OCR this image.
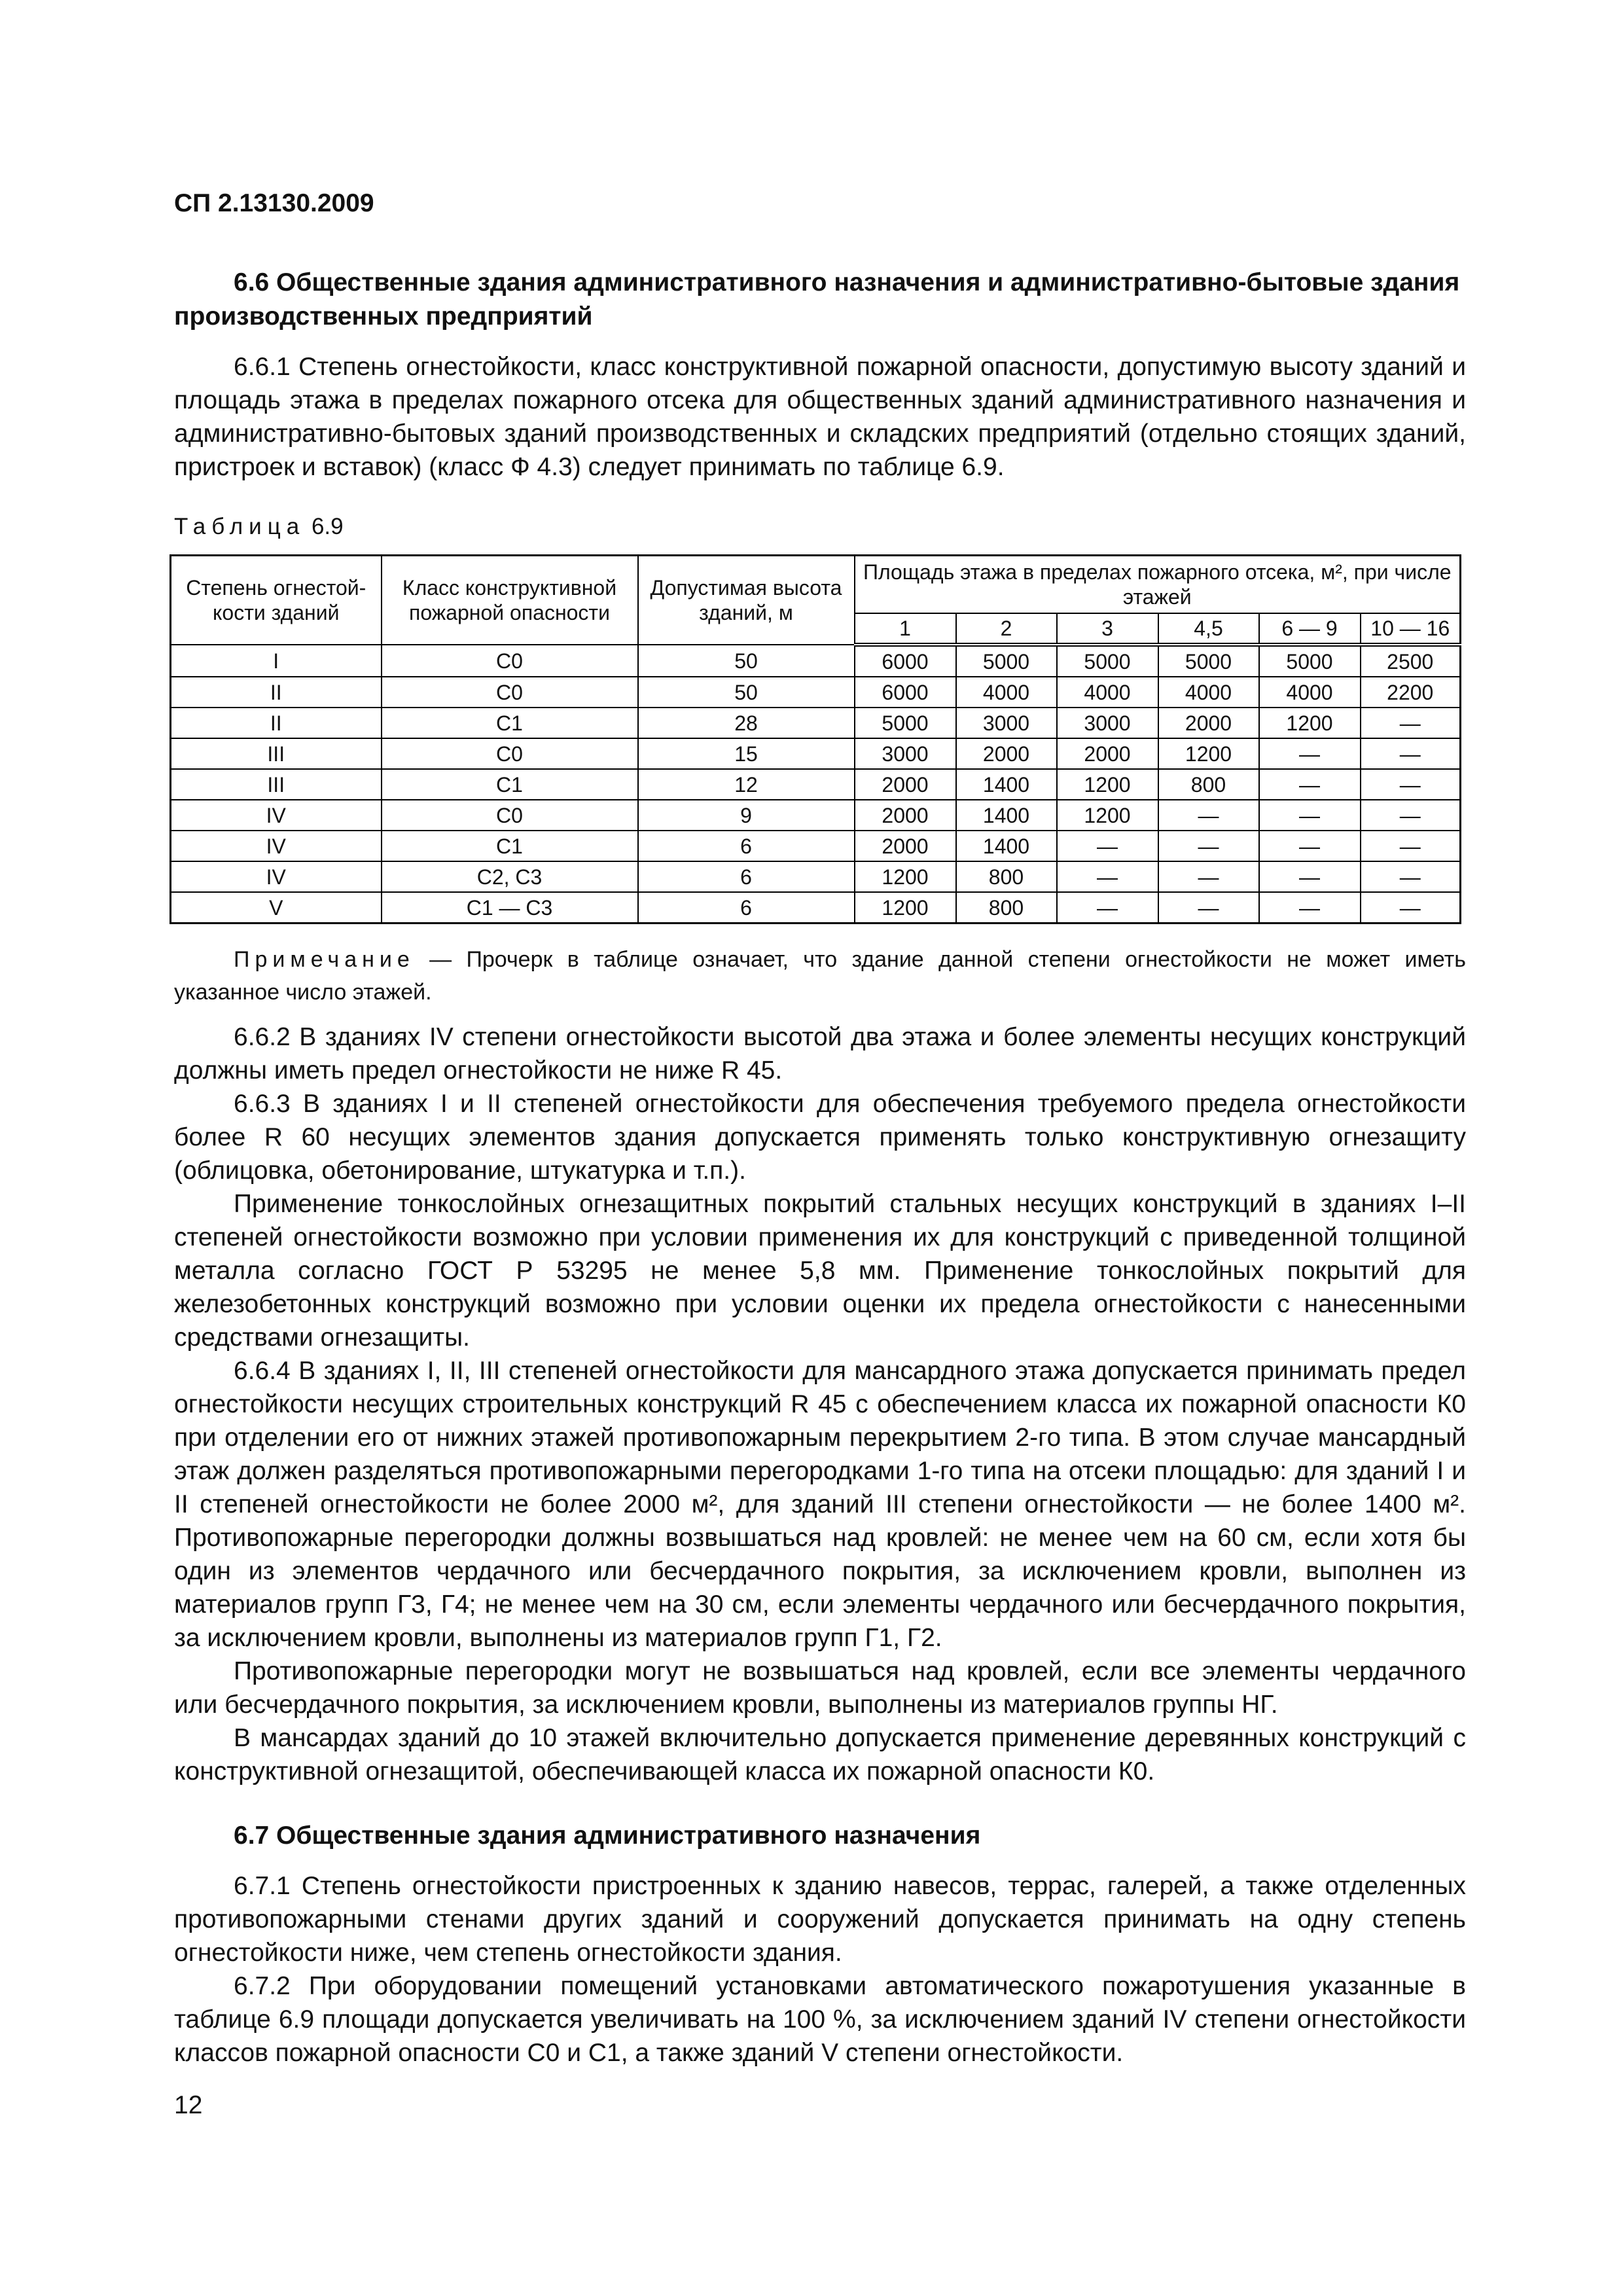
СП 2.13130.2009

6.6 Общественные здания административного назначения и административно-бытовые здания производственных предприятий

6.6.1 Степень огнестойкости, класс конструктивной пожарной опасности, допустимую высоту зданий и площадь этажа в пределах пожарного отсека для общественных зданий административного назначения и административно-бытовых зданий производственных и складских предприятий (отдельно стоящих зданий, пристроек и вставок) (класс Ф 4.3) следует принимать по таблице 6.9.

Таблица 6.9
Степень огнестой-кости зданий	Класс конструктивной пожарной опасности	Допустимая высота зданий, м	Площадь этажа в пределах пожарного отсека, м², при числе этажей					
			1	2	3	4,5	6 — 9	10 — 16
I	С0	50	6000	5000	5000	5000	5000	2500
II	С0	50	6000	4000	4000	4000	4000	2200
II	С1	28	5000	3000	3000	2000	1200	—
III	С0	15	3000	2000	2000	1200	—	—
III	С1	12	2000	1400	1200	800	—	—
IV	С0	9	2000	1400	1200	—	—	—
IV	С1	6	2000	1400	—	—	—	—
IV	С2, С3	6	1200	800	—	—	—	—
V	С1 — С3	6	1200	800	—	—	—	—

Примечание — Прочерк в таблице означает, что здание данной степени огнестойкости не может иметь указанное число этажей.

6.6.2 В зданиях IV степени огнестойкости высотой два этажа и более элементы несущих конструкций должны иметь предел огнестойкости не ниже R 45.

6.6.3 В зданиях I и II степеней огнестойкости для обеспечения требуемого предела огнестойкости более R 60 несущих элементов здания допускается применять только конструктивную огнезащиту (облицовка, обетонирование, штукатурка и т.п.).

Применение тонкослойных огнезащитных покрытий стальных несущих конструкций в зданиях I–II степеней огнестойкости возможно при условии применения их для конструкций с приведенной толщиной металла согласно ГОСТ Р 53295 не менее 5,8 мм. Применение тонкослойных покрытий для железобетонных конструкций возможно при условии оценки их предела огнестойкости с нанесенными средствами огнезащиты.

6.6.4 В зданиях I, II, III степеней огнестойкости для мансардного этажа допускается принимать предел огнестойкости несущих строительных конструкций R 45 с обеспечением класса их пожарной опасности К0 при отделении его от нижних этажей противопожарным перекрытием 2-го типа. В этом случае мансардный этаж должен разделяться противопожарными перегородками 1-го типа на отсеки площадью: для зданий I и II степеней огнестойкости не более 2000 м², для зданий III степени огнестойкости — не более 1400 м². Противопожарные перегородки должны возвышаться над кровлей: не менее чем на 60 см, если хотя бы один из элементов чердачного или бесчердачного покрытия, за исключением кровли, выполнен из материалов групп Г3, Г4; не менее чем на 30 см, если элементы чердачного или бесчердачного покрытия, за исключением кровли, выполнены из материалов групп Г1, Г2.

Противопожарные перегородки могут не возвышаться над кровлей, если все элементы чердачного или бесчердачного покрытия, за исключением кровли, выполнены из материалов группы НГ.

В мансардах зданий до 10 этажей включительно допускается применение деревянных конструкций с конструктивной огнезащитой, обеспечивающей класса их пожарной опасности К0.

6.7 Общественные здания административного назначения

6.7.1 Степень огнестойкости пристроенных к зданию навесов, террас, галерей, а также отделенных противопожарными стенами других зданий и сооружений допускается принимать на одну степень огнестойкости ниже, чем степень огнестойкости здания.

6.7.2 При оборудовании помещений установками автоматического пожаротушения указанные в таблице 6.9 площади допускается увеличивать на 100 %, за исключением зданий IV степени огнестойкости классов пожарной опасности С0 и С1, а также зданий V степени огнестойкости.

12
